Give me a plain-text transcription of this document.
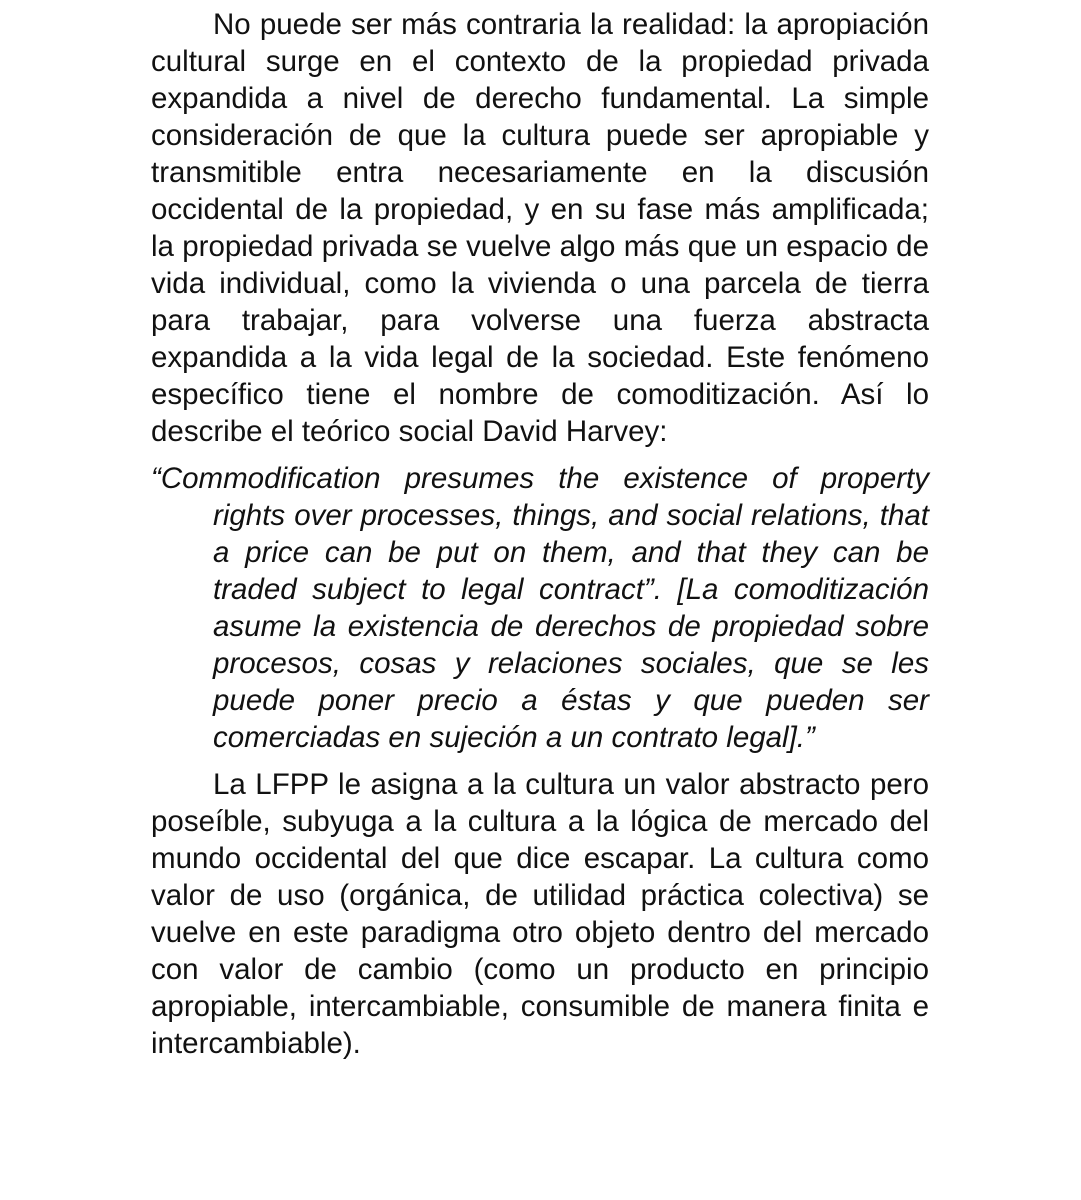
No puede ser más contraria la realidad: la apropiación cultural surge en el contexto de la propiedad privada expandida a nivel de derecho fundamental. La simple consideración de que la cultura puede ser apropiable y transmitible entra necesariamente en la discusión occidental de la propiedad, y en su fase más amplificada; la propiedad privada se vuelve algo más que un espacio de vida individual, como la vivienda o una parcela de tierra para trabajar, para volverse una fuerza abstracta expandida a la vida legal de la sociedad. Este fenómeno específico tiene el nombre de comoditización. Así lo describe el teórico social David Harvey:

“Commodification presumes the existence of property rights over processes, things, and social relations, that a price can be put on them, and that they can be traded subject to legal contract”. [La comoditización asume la existencia de derechos de propiedad sobre procesos, cosas y relaciones sociales, que se les puede poner precio a éstas y que pueden ser comerciadas en sujeción a un contrato legal].”

La LFPP le asigna a la cultura un valor abstracto pero poseíble, subyuga a la cultura a la lógica de mercado del mundo occidental del que dice escapar. La cultura como valor de uso (orgánica, de utilidad práctica colectiva) se vuelve en este paradigma otro objeto dentro del mercado con valor de cambio (como un producto en principio apropiable, intercambiable, consumible de manera finita e intercambiable).
